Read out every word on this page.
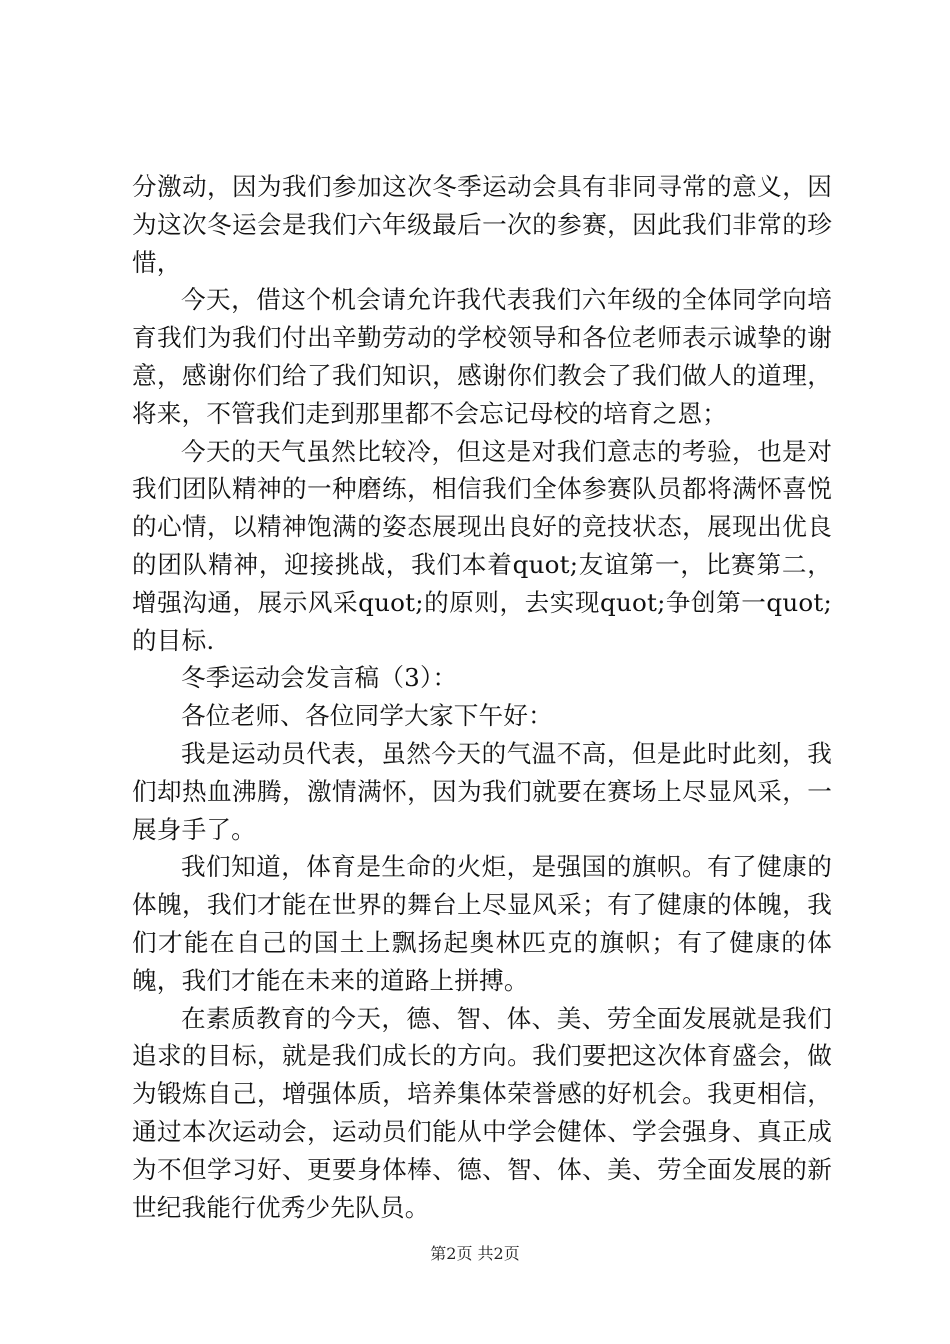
分激动，因为我们参加这次冬季运动会具有非同寻常的意义，因为这次冬运会是我们六年级最后一次的参赛，因此我们非常的珍惜，

今天，借这个机会请允许我代表我们六年级的全体同学向培育我们为我们付出辛勤劳动的学校领导和各位老师表示诚挚的谢意，感谢你们给了我们知识，感谢你们教会了我们做人的道理，将来，不管我们走到那里都不会忘记母校的培育之恩；

今天的天气虽然比较冷，但这是对我们意志的考验，也是对我们团队精神的一种磨练，相信我们全体参赛队员都将满怀喜悦的心情，以精神饱满的姿态展现出良好的竞技状态，展现出优良的团队精神，迎接挑战，我们本着quot;友谊第一，比赛第二，增强沟通，展示风采quot;的原则，去实现quot;争创第一quot;的目标.

冬季运动会发言稿（3）：

各位老师、各位同学大家下午好：

我是运动员代表，虽然今天的气温不高，但是此时此刻，我们却热血沸腾，激情满怀，因为我们就要在赛场上尽显风采，一展身手了。

我们知道，体育是生命的火炬，是强国的旗帜。有了健康的体魄，我们才能在世界的舞台上尽显风采；有了健康的体魄，我们才能在自己的国土上飘扬起奥林匹克的旗帜；有了健康的体魄，我们才能在未来的道路上拼搏。

在素质教育的今天，德、智、体、美、劳全面发展就是我们追求的目标，就是我们成长的方向。我们要把这次体育盛会，做为锻炼自己，增强体质，培养集体荣誉感的好机会。我更相信，通过本次运动会，运动员们能从中学会健体、学会强身、真正成为不但学习好、更要身体棒、德、智、体、美、劳全面发展的新世纪我能行优秀少先队员。

第2页 共2页
